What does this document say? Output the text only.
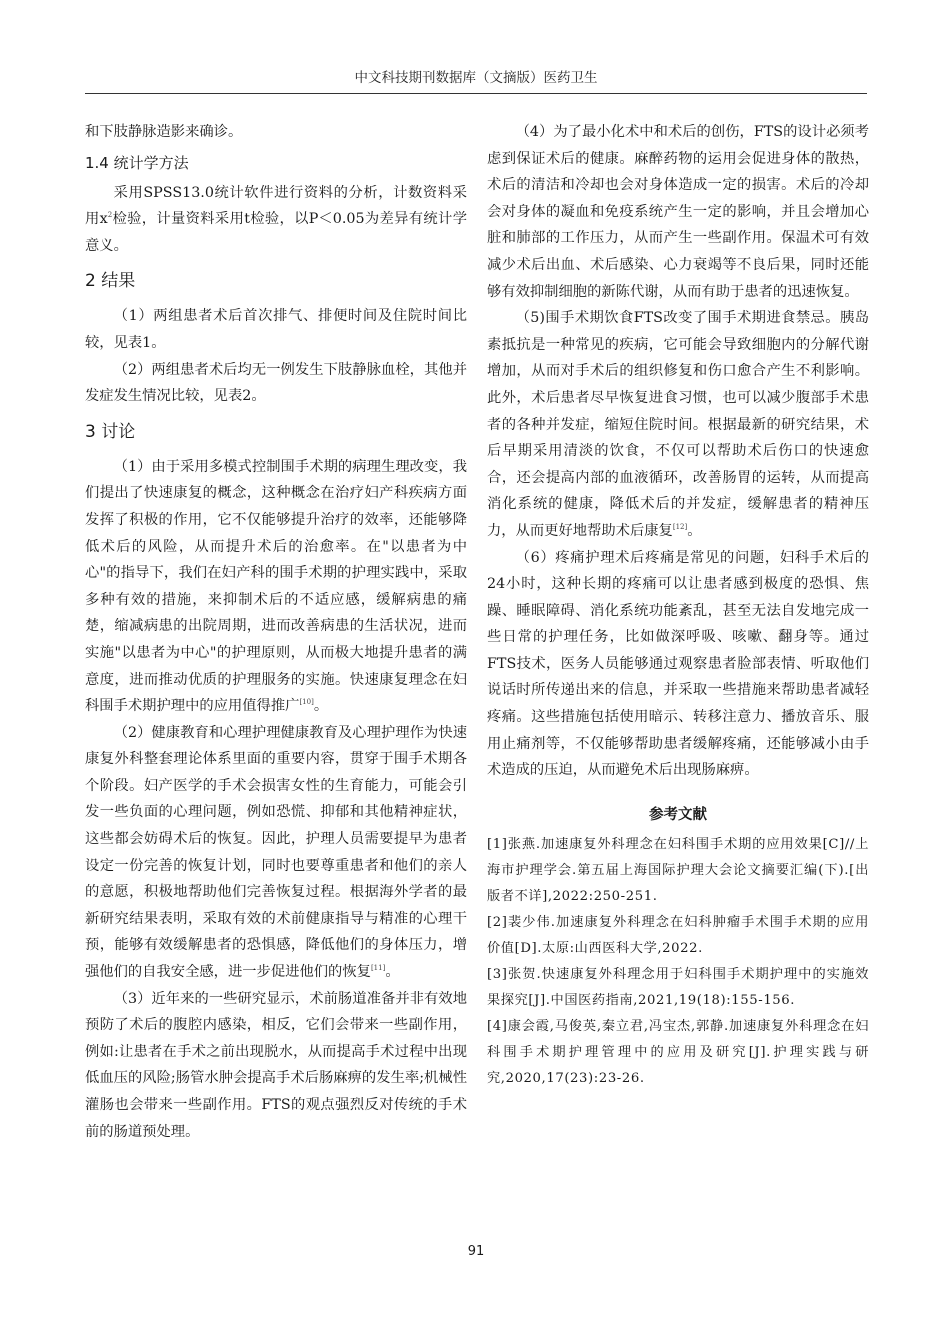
中文科技期刊数据库（文摘版）医药卫生

和下肢静脉造影来确诊。

1.4 统计学方法

采用SPSS13.0统计软件进行资料的分析，计数资料采用$x^2$检验，计量资料采用t检验，以P＜0.05为差异有统计学意义。

2 结果

（1）两组患者术后首次排气、排便时间及住院时间比较，见表1。

（2）两组患者术后均无一例发生下肢静脉血栓，其他并发症发生情况比较，见表2。

3 讨论

（1）由于采用多模式控制围手术期的病理生理改变，我们提出了快速康复的概念，这种概念在治疗妇产科疾病方面发挥了积极的作用，它不仅能够提升治疗的效率，还能够降低术后的风险，从而提升术后的治愈率。在"以患者为中心"的指导下，我们在妇产科的围手术期的护理实践中，采取多种有效的措施，来抑制术后的不适应感，缓解病患的痛楚，缩减病患的出院周期，进而改善病患的生活状况，进而实施"以患者为中心"的护理原则，从而极大地提升患者的满意度，进而推动优质的护理服务的实施。快速康复理念在妇科围手术期护理中的应用值得推广[10]。

（2）健康教育和心理护理健康教育及心理护理作为快速康复外科整套理论体系里面的重要内容，贯穿于围手术期各个阶段。妇产医学的手术会损害女性的生育能力，可能会引发一些负面的心理问题，例如恐慌、抑郁和其他精神症状，这些都会妨碍术后的恢复。因此，护理人员需要提早为患者设定一份完善的恢复计划，同时也要尊重患者和他们的亲人的意愿，积极地帮助他们完善恢复过程。根据海外学者的最新研究结果表明，采取有效的术前健康指导与精准的心理干预，能够有效缓解患者的恐惧感，降低他们的身体压力，增强他们的自我安全感，进一步促进他们的恢复[11]。

（3）近年来的一些研究显示，术前肠道准备并非有效地预防了术后的腹腔内感染，相反，它们会带来一些副作用，例如:让患者在手术之前出现脱水，从而提高手术过程中出现低血压的风险;肠管水肿会提高手术后肠麻痹的发生率;机械性灌肠也会带来一些副作用。FTS的观点强烈反对传统的手术前的肠道预处理。

（4）为了最小化术中和术后的创伤，FTS的设计必须考虑到保证术后的健康。麻醉药物的运用会促进身体的散热，术后的清洁和冷却也会对身体造成一定的损害。术后的冷却会对身体的凝血和免疫系统产生一定的影响，并且会增加心脏和肺部的工作压力，从而产生一些副作用。保温术可有效减少术后出血、术后感染、心力衰竭等不良后果，同时还能够有效抑制细胞的新陈代谢，从而有助于患者的迅速恢复。

（5)围手术期饮食FTS改变了围手术期进食禁忌。胰岛素抵抗是一种常见的疾病，它可能会导致细胞内的分解代谢增加，从而对手术后的组织修复和伤口愈合产生不利影响。此外，术后患者尽早恢复进食习惯，也可以减少腹部手术患者的各种并发症，缩短住院时间。根据最新的研究结果，术后早期采用清淡的饮食，不仅可以帮助术后伤口的快速愈合，还会提高内部的血液循环，改善肠胃的运转，从而提高消化系统的健康，降低术后的并发症，缓解患者的精神压力，从而更好地帮助术后康复[12]。

（6）疼痛护理术后疼痛是常见的问题，妇科手术后的24小时，这种长期的疼痛可以让患者感到极度的恐惧、焦躁、睡眠障碍、消化系统功能紊乱，甚至无法自发地完成一些日常的护理任务，比如做深呼吸、咳嗽、翻身等。通过FTS技术，医务人员能够通过观察患者脸部表情、听取他们说话时所传递出来的信息，并采取一些措施来帮助患者减轻疼痛。这些措施包括使用暗示、转移注意力、播放音乐、服用止痛剂等，不仅能够帮助患者缓解疼痛，还能够减小由手术造成的压迫，从而避免术后出现肠麻痹。

参考文献

[1]张燕.加速康复外科理念在妇科围手术期的应用效果[C]//上海市护理学会.第五届上海国际护理大会论文摘要汇编(下).[出版者不详],2022:250-251.

[2]裴少伟.加速康复外科理念在妇科肿瘤手术围手术期的应用价值[D].太原:山西医科大学,2022.

[3]张贺.快速康复外科理念用于妇科围手术期护理中的实施效果探究[J].中国医药指南,2021,19(18):155-156.

[4]康会霞,马俊英,秦立君,冯宝杰,郭静.加速康复外科理念在妇科围手术期护理管理中的应用及研究[J].护理实践与研究,2020,17(23):23-26.

91
